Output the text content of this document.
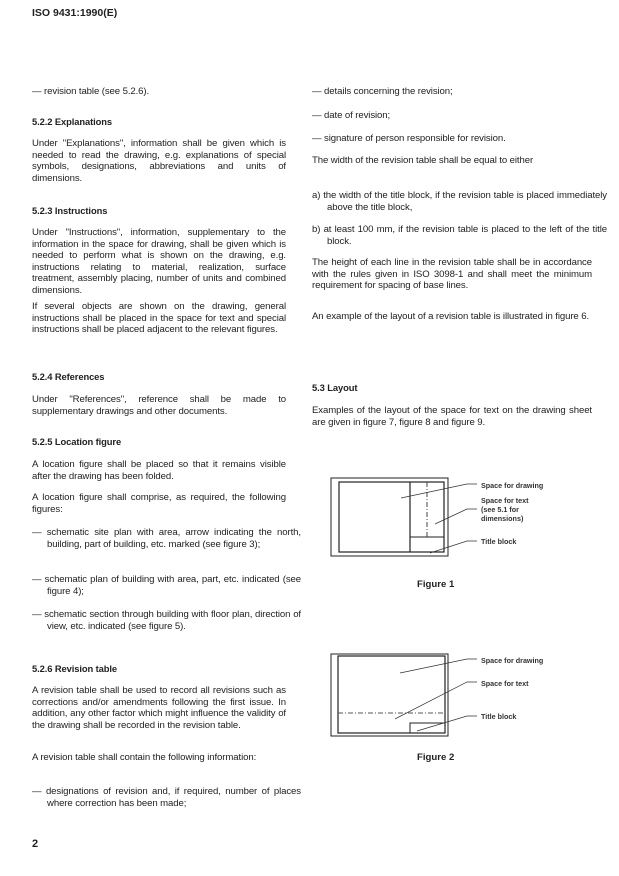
ISO 9431:1990(E)
— revision table (see 5.2.6).
5.2.2 Explanations
Under "Explanations", information shall be given which is needed to read the drawing, e.g. explanations of special symbols, designations, abbreviations and units of dimensions.
5.2.3 Instructions
Under "Instructions", information, supplementary to the information in the space for drawing, shall be given which is needed to perform what is shown on the drawing, e.g. instructions relating to material, realization, surface treatment, assembly placing, number of units and combined dimensions.
If several objects are shown on the drawing, general instructions shall be placed in the space for text and special instructions shall be placed adjacent to the relevant figures.
5.2.4 References
Under "References", reference shall be made to supplementary drawings and other documents.
5.2.5 Location figure
A location figure shall be placed so that it remains visible after the drawing has been folded.
A location figure shall comprise, as required, the following figures:
— schematic site plan with area, arrow indicating the north, building, part of building, etc. marked (see figure 3);
— schematic plan of building with area, part, etc. indicated (see figure 4);
— schematic section through building with floor plan, direction of view, etc. indicated (see figure 5).
5.2.6 Revision table
A revision table shall be used to record all revisions such as corrections and/or amendments following the first issue. In addition, any other factor which might influence the validity of the drawing shall be recorded in the revision table.
A revision table shall contain the following information:
— designations of revision and, if required, number of places where correction has been made;
— details concerning the revision;
— date of revision;
— signature of person responsible for revision.
The width of the revision table shall be equal to either
a) the width of the title block, if the revision table is placed immediately above the title block,
b) at least 100 mm, if the revision table is placed to the left of the title block.
The height of each line in the revision table shall be in accordance with the rules given in ISO 3098-1 and shall meet the minimum requirement for spacing of base lines.
An example of the layout of a revision table is illustrated in figure 6.
5.3 Layout
Examples of the layout of the space for text on the drawing sheet are given in figure 7, figure 8 and figure 9.
Space for drawing
Space for text
(see 5.1 for
dimensions)
Title block
Figure 1
Space for drawing
Space for text
Title block
Figure 2
2
